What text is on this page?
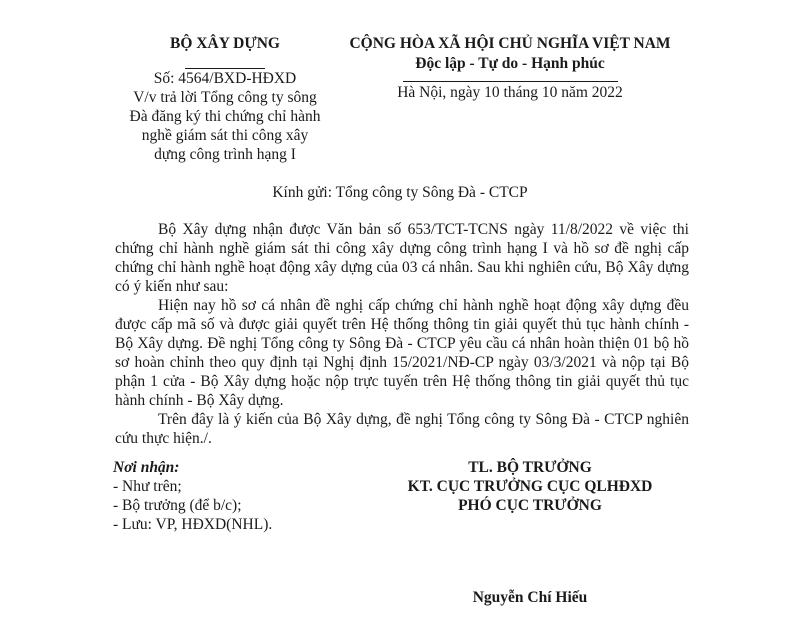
BỘ XÂY DỰNG
Số: 4564/BXD-HĐXD
V/v trả lời Tổng công ty sông
Đà đăng ký thi chứng chỉ hành
nghề giám sát thi công xây
dựng công trình hạng I
CỘNG HÒA XÃ HỘI CHỦ NGHĨA VIỆT NAM
Độc lập - Tự do - Hạnh phúc
Hà Nội, ngày 10 tháng 10 năm 2022
Kính gửi: Tổng công ty Sông Đà - CTCP

Bộ Xây dựng nhận được Văn bản số 653/TCT-TCNS ngày 11/8/2022 về việc thi chứng chỉ hành nghề giám sát thi công xây dựng công trình hạng I và hồ sơ đề nghị cấp chứng chỉ hành nghề hoạt động xây dựng của 03 cá nhân. Sau khi nghiên cứu, Bộ Xây dựng có ý kiến như sau:

Hiện nay hồ sơ cá nhân đề nghị cấp chứng chỉ hành nghề hoạt động xây dựng đều được cấp mã số và được giải quyết trên Hệ thống thông tin giải quyết thủ tục hành chính - Bộ Xây dựng. Đề nghị Tổng công ty Sông Đà - CTCP yêu cầu cá nhân hoàn thiện 01 bộ hồ sơ hoàn chỉnh theo quy định tại Nghị định 15/2021/NĐ-CP ngày 03/3/2021 và nộp tại Bộ phận 1 cửa - Bộ Xây dựng hoặc nộp trực tuyến trên Hệ thống thông tin giải quyết thủ tục hành chính - Bộ Xây dựng.

Trên đây là ý kiến của Bộ Xây dựng, đề nghị Tổng công ty Sông Đà - CTCP nghiên cứu thực hiện./.

Nơi nhận:
- Như trên;
- Bộ trưởng (để b/c);
- Lưu: VP, HĐXD(NHL).
TL. BỘ TRƯỞNG
KT. CỤC TRƯỞNG CỤC QLHĐXD
PHÓ CỤC TRƯỞNG
Nguyễn Chí Hiếu
